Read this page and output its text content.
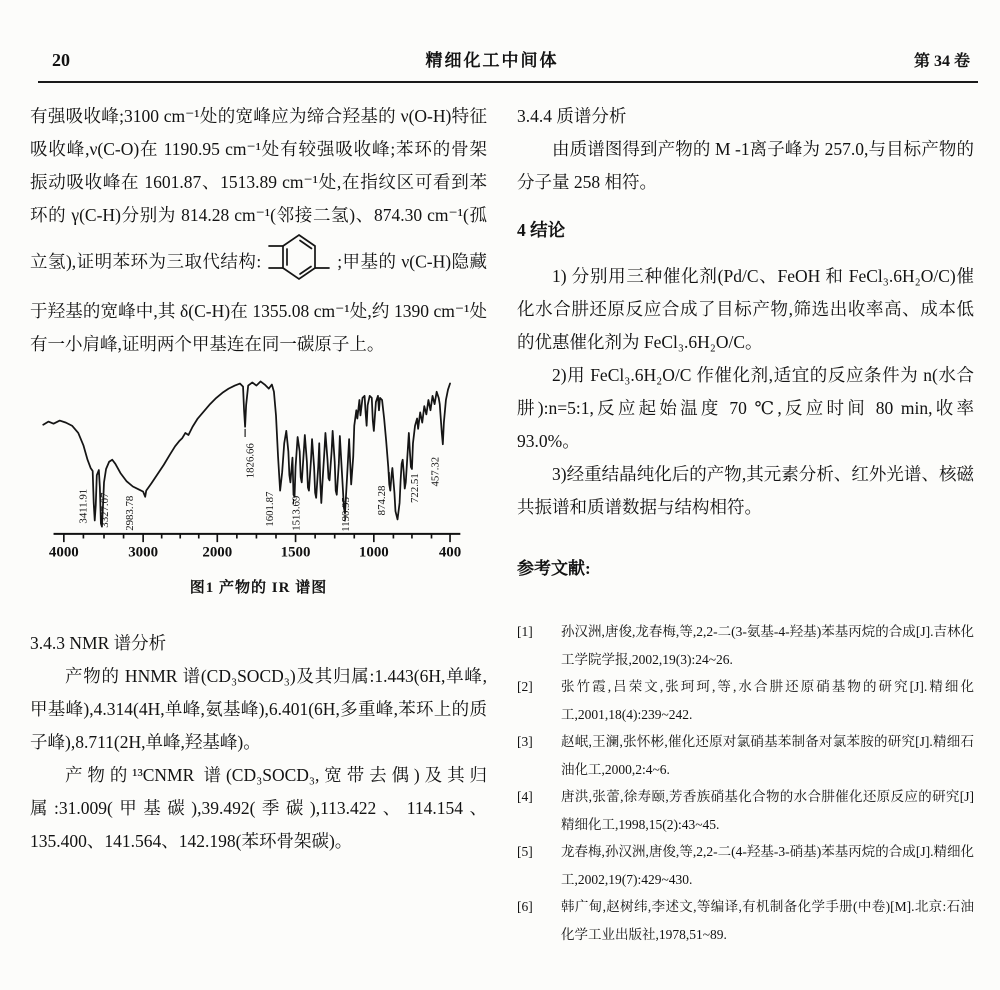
20	精细化工中间体	第 34 卷

有强吸收峰;3100 cm⁻¹处的宽峰应为缔合羟基的 ν(O-H)特征吸收峰,ν(C-O)在 1190.95 cm⁻¹处有较强吸收峰;苯环的骨架振动吸收峰在 1601.87、1513.89 cm⁻¹处,在指纹区可看到苯环的 γ(C-H)分别为 814.28 cm⁻¹(邻接二氢)、874.30 cm⁻¹(孤立氢),证明苯环为三取代结构:	;甲基的 ν(C-H)隐藏于羟基的宽峰中,其 δ(C-H)在 1355.08 cm⁻¹处,约 1390 cm⁻¹处有一小肩峰,证明两个甲基连在同一碳原子上。

4000	3000	2000	1500	1000	400
3411.91 3327.07 2983.78
1826.66
1601.87 1513.69	1190.95 874.28 722.51
457.32
图1 产物的 IR 谱图
3.4.3 NMR 谱分析

产物的 HNMR 谱(CD₃SOCD₃)及其归属:1.443(6H,单峰,甲基峰),4.314(4H,单峰,氨基峰),6.401(6H,多重峰,苯环上的质子峰),8.711(2H,单峰,羟基峰)。

产物的¹³CNMR 谱(CD₃SOCD₃,宽带去偶)及其归属:31.009(甲基碳),39.492(季碳),113.422、114.154、135.400、141.564、142.198(苯环骨架碳)。

3.4.4 质谱分析

由质谱图得到产物的 M -1离子峰为 257.0,与目标产物的分子量 258 相符。

4 结论

1) 分别用三种催化剂(Pd/C、FeOH 和 FeCl₃.6H₂O/C)催化水合肼还原反应合成了目标产物,筛选出收率高、成本低的优惠催化剂为 FeCl₃.6H₂O/C。

2)用 FeCl₃.6H₂O/C 作催化剂,适宜的反应条件为 n(水合肼):n=5:1,反应起始温度 70 ℃,反应时间 80 min,收率 93.0%。

3)经重结晶纯化后的产物,其元素分析、红外光谱、核磁共振谱和质谱数据与结构相符。

参考文献:
[1]	孙汉洲,唐俊,龙春梅,等,2,2-二(3-氨基-4-羟基)苯基丙烷的合成[J].吉林化工学院学报,2002,19(3):24~26.
[2]	张竹霞,吕荣文,张珂珂,等,水合肼还原硝基物的研究[J].精细化工,2001,18(4):239~242.
[3]	赵岷,王澜,张怀彬,催化还原对氯硝基苯制备对氯苯胺的研究[J].精细石油化工,2000,2:4~6.
[4]	唐洪,张蕾,徐寿颐,芳香族硝基化合物的水合肼催化还原反应的研究[J]精细化工,1998,15(2):43~45.
[5]	龙春梅,孙汉洲,唐俊,等,2,2-二(4-羟基-3-硝基)苯基丙烷的合成[J].精细化工,2002,19(7):429~430.
[6]	韩广甸,赵树纬,李述文,等编译,有机制备化学手册(中卷)[M].北京:石油化学工业出版社,1978,51~89.
